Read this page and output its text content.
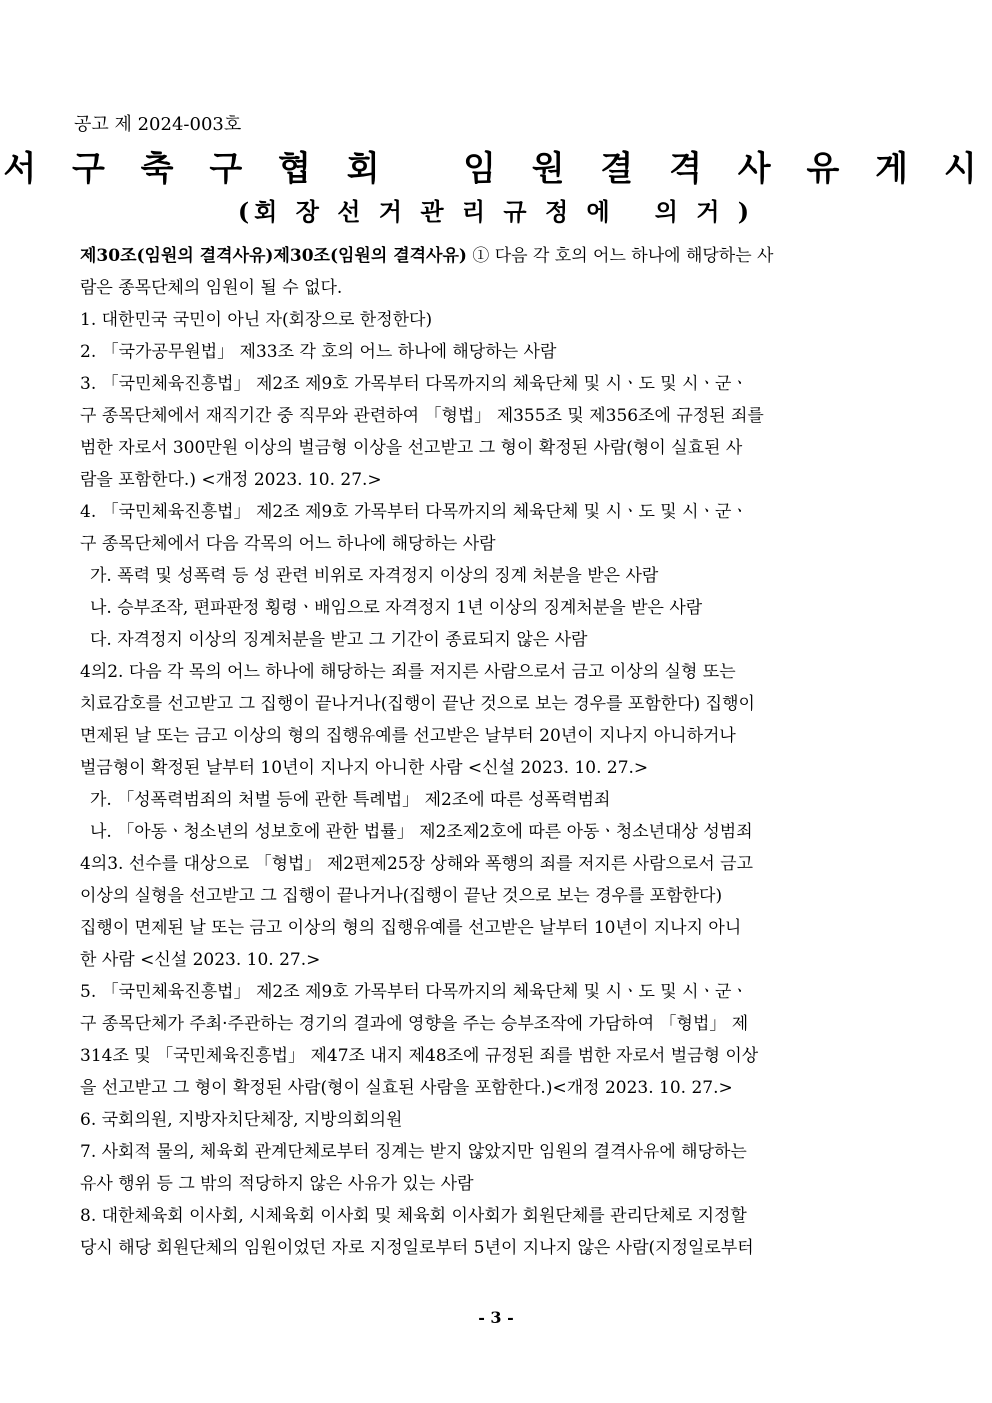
공고 제 2024-003호

서 구 축 구 협 회   임 원 결 격 사 유 게 시
(회 장 선 거 관 리 규 정 에   의 거 )

제30조(임원의 결격사유)제30조(임원의 결격사유) ① 다음 각 호의 어느 하나에 해당하는 사

람은 종목단체의 임원이 될 수 없다.

1. 대한민국 국민이 아닌 자(회장으로 한정한다)

2. 「국가공무원법」 제33조 각 호의 어느 하나에 해당하는 사람

3. 「국민체육진흥법」 제2조 제9호 가목부터 다목까지의 체육단체 및 시ㆍ도 및 시ㆍ군ㆍ

구 종목단체에서 재직기간 중 직무와 관련하여 「형법」 제355조 및 제356조에 규정된 죄를

범한 자로서 300만원 이상의 벌금형 이상을 선고받고 그 형이 확정된 사람(형이 실효된 사

람을 포함한다.) <개정 2023. 10. 27.>

4. 「국민체육진흥법」 제2조 제9호 가목부터 다목까지의 체육단체 및 시ㆍ도 및 시ㆍ군ㆍ

구 종목단체에서 다음 각목의 어느 하나에 해당하는 사람

가. 폭력 및 성폭력 등 성 관련 비위로 자격정지 이상의 징계 처분을 받은 사람

나. 승부조작, 편파판정 횡령ㆍ배임으로 자격정지 1년 이상의 징계처분을 받은 사람

다. 자격정지 이상의 징계처분을 받고 그 기간이 종료되지 않은 사람

4의2. 다음 각 목의 어느 하나에 해당하는 죄를 저지른 사람으로서 금고 이상의 실형 또는

치료감호를 선고받고 그 집행이 끝나거나(집행이 끝난 것으로 보는 경우를 포함한다) 집행이

면제된 날 또는 금고 이상의 형의 집행유예를 선고받은 날부터 20년이 지나지 아니하거나

벌금형이 확정된 날부터 10년이 지나지 아니한 사람 <신설 2023. 10. 27.>

가. 「성폭력범죄의 처벌 등에 관한 특례법」 제2조에 따른 성폭력범죄

나. 「아동ㆍ청소년의 성보호에 관한 법률」 제2조제2호에 따른 아동ㆍ청소년대상 성범죄

4의3. 선수를 대상으로 「형법」 제2편제25장 상해와 폭행의 죄를 저지른 사람으로서 금고

이상의 실형을 선고받고 그 집행이 끝나거나(집행이 끝난 것으로 보는 경우를 포함한다)

집행이 면제된 날 또는 금고 이상의 형의 집행유예를 선고받은 날부터 10년이 지나지 아니

한 사람 <신설 2023. 10. 27.>

5. 「국민체육진흥법」 제2조 제9호 가목부터 다목까지의 체육단체 및 시ㆍ도 및 시ㆍ군ㆍ

구 종목단체가 주최·주관하는 경기의 결과에 영향을 주는 승부조작에 가담하여 「형법」 제

314조 및 「국민체육진흥법」 제47조 내지 제48조에 규정된 죄를 범한 자로서 벌금형 이상

을 선고받고 그 형이 확정된 사람(형이 실효된 사람을 포함한다.)<개정 2023. 10. 27.>

6. 국회의원, 지방자치단체장, 지방의회의원

7. 사회적 물의, 체육회 관계단체로부터 징계는 받지 않았지만 임원의 결격사유에 해당하는

유사 행위 등 그 밖의 적당하지 않은 사유가 있는 사람

8. 대한체육회 이사회, 시체육회 이사회 및 체육회 이사회가 회원단체를 관리단체로 지정할

당시 해당 회원단체의 임원이었던 자로 지정일로부터 5년이 지나지 않은 사람(지정일로부터

- 3 -
